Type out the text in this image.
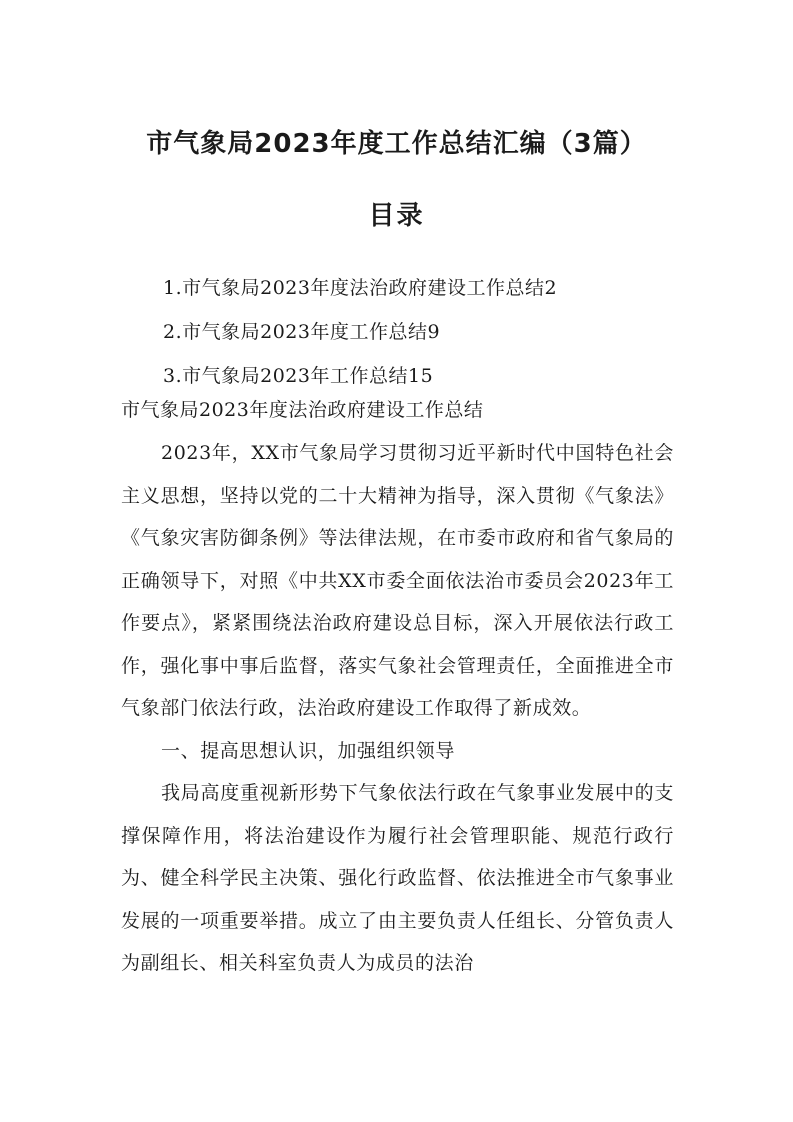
市气象局2023年度工作总结汇编（3篇）
目录
1.市气象局2023年度法治政府建设工作总结2
2.市气象局2023年度工作总结9
3.市气象局2023年工作总结15
市气象局2023年度法治政府建设工作总结

2023年，XX市气象局学习贯彻习近平新时代中国特色社会主义思想，坚持以党的二十大精神为指导，深入贯彻《气象法》《气象灾害防御条例》等法律法规，在市委市政府和省气象局的正确领导下，对照《中共XX市委全面依法治市委员会2023年工作要点》，紧紧围绕法治政府建设总目标，深入开展依法行政工作，强化事中事后监督，落实气象社会管理责任，全面推进全市气象部门依法行政，法治政府建设工作取得了新成效。

一、提高思想认识，加强组织领导

我局高度重视新形势下气象依法行政在气象事业发展中的支撑保障作用，将法治建设作为履行社会管理职能、规范行政行为、健全科学民主决策、强化行政监督、依法推进全市气象事业发展的一项重要举措。成立了由主要负责人任组长、分管负责人为副组长、相关科室负责人为成员的法治
